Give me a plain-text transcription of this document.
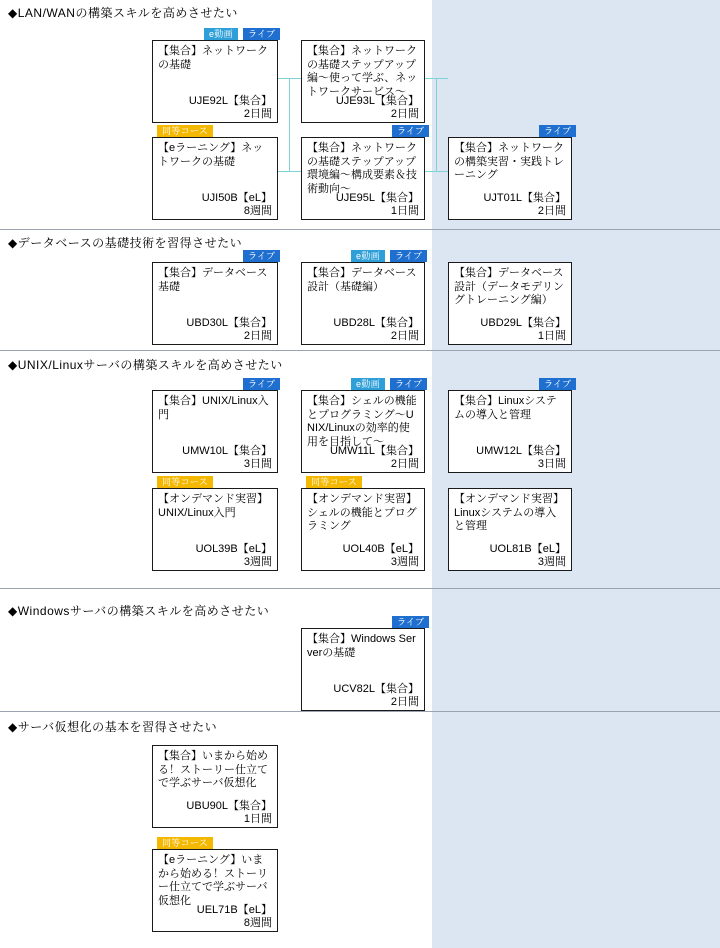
◆LAN/WANの構築スキルを高めさせたい
【集合】ネットワークの基礎
UJE92L【集合】
2日間
e動画	ライブ
【集合】ネットワークの基礎ステップアップ編～使って学ぶ、ネットワークサービス～
UJE93L【集合】
2日間
【eラーニング】ネットワークの基礎
UJI50B【eL】
8週間
同等コース
【集合】ネットワークの基礎ステップアップ環境編～構成要素＆技術動向～
UJE95L【集合】
1日間
ライブ
【集合】ネットワークの構築実習・実践トレーニング
UJT01L【集合】
2日間
ライブ
◆データベースの基礎技術を習得させたい
【集合】データベース基礎
UBD30L【集合】
2日間
ライブ
【集合】データベース設計（基礎編）
UBD28L【集合】
2日間
e動画	ライブ
【集合】データベース設計（データモデリングトレーニング編）
UBD29L【集合】
1日間
◆UNIX/Linuxサーバの構築スキルを高めさせたい
【集合】UNIX/Linux入門
UMW10L【集合】
3日間
ライブ
【集合】シェルの機能とプログラミング～UNIX/Linuxの効率的使用を目指して～
UMW11L【集合】
2日間
e動画	ライブ
【集合】Linuxシステムの導入と管理
UMW12L【集合】
3日間
ライブ
【オンデマンド実習】UNIX/Linux入門
UOL39B【eL】
3週間
同等コース
【オンデマンド実習】シェルの機能とプログラミング
UOL40B【eL】
3週間
同等コース
【オンデマンド実習】Linuxシステムの導入と管理
UOL81B【eL】
3週間
◆Windowsサーバの構築スキルを高めさせたい
【集合】Windows Serverの基礎
UCV82L【集合】
2日間
ライブ
◆サーバ仮想化の基本を習得させたい
【集合】いまから始める！ストーリー仕立てで学ぶサーバ仮想化
UBU90L【集合】
1日間
【eラーニング】いまから始める！ストーリー仕立てで学ぶサーバ仮想化
UEL71B【eL】
8週間
同等コース
